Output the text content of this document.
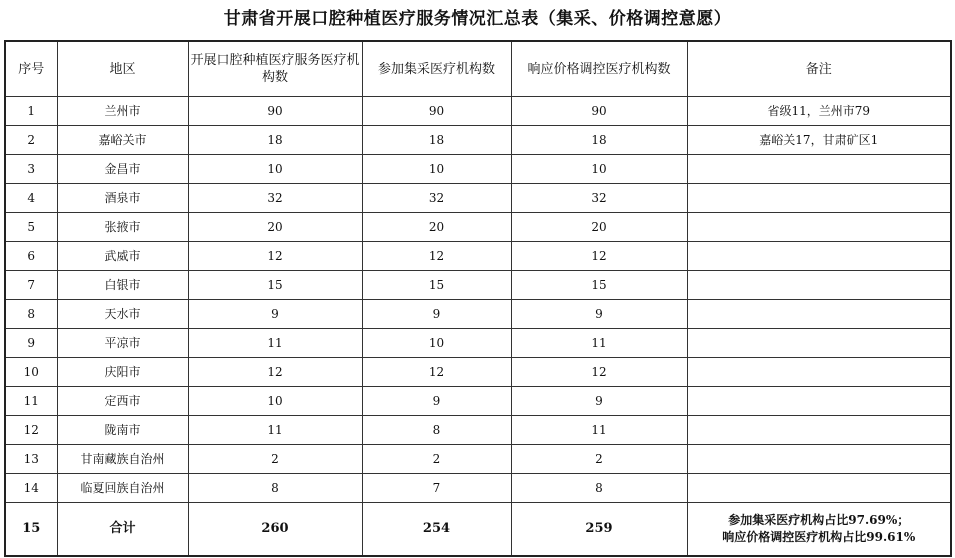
甘肃省开展口腔种植医疗服务情况汇总表（集采、价格调控意愿）
序号	地区	开展口腔种植医疗服务医疗机构数	参加集采医疗机构数	响应价格调控医疗机构数	备注
1	兰州市	90	90	90	省级11，兰州市79
2	嘉峪关市	18	18	18	嘉峪关17，甘肃矿区1
3	金昌市	10	10	10	
4	酒泉市	32	32	32	
5	张掖市	20	20	20	
6	武威市	12	12	12	
7	白银市	15	15	15	
8	天水市	9	9	9	
9	平凉市	11	10	11	
10	庆阳市	12	12	12	
11	定西市	10	9	9	
12	陇南市	11	8	11	
13	甘南藏族自治州	2	2	2	
14	临夏回族自治州	8	7	8	
15	合计	260	254	259	参加集采医疗机构占比97.69%；
响应价格调控医疗机构占比99.61%
